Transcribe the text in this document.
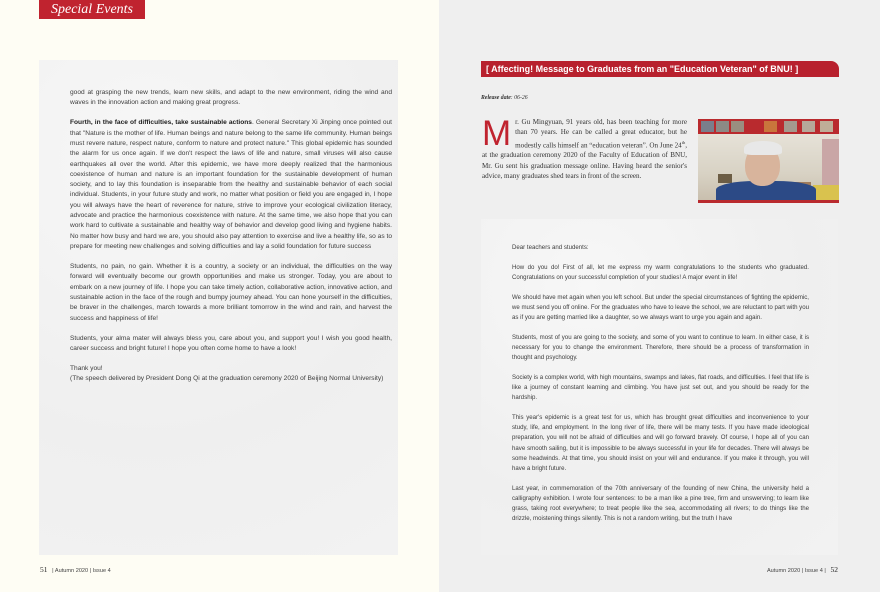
Special Events

good at grasping the new trends, learn new skills, and adapt to the new environment, riding the wind and waves in the innovation action and making great progress.

Fourth, in the face of difficulties, take sustainable actions. General Secretary Xi Jinping once pointed out that "Nature is the mother of life. Human beings and nature belong to the same life community. Human beings must revere nature, respect nature, conform to nature and protect nature." This global epidemic has sounded the alarm for us once again. If we don't respect the laws of life and nature, small viruses will also cause earthquakes all over the world. After this epidemic, we have more deeply realized that the harmonious coexistence of human and nature is an important foundation for the sustainable development of human society, and to lay this foundation is inseparable from the healthy and sustainable behavior of each social individual. Students, in your future study and work, no matter what position or field you are engaged in, I hope you will always have the heart of reverence for nature, strive to improve your ecological civilization literacy, advocate and practice the harmonious coexistence with nature. At the same time, we also hope that you can work hard to cultivate a sustainable and healthy way of behavior and develop good living and hygiene habits. No matter how busy and hard we are, you should also pay attention to exercise and live a healthy life, so as to prepare for meeting new challenges and solving difficulties and lay a solid foundation for future success

Students, no pain, no gain. Whether it is a country, a society or an individual, the difficulties on the way forward will eventually become our growth opportunities and make us stronger. Today, you are about to embark on a new journey of life. I hope you can take timely action, collaborative action, innovative action, and sustainable action in the face of the rough and bumpy journey ahead. You can hone yourself in the difficulties, be braver in the challenges, march towards a more brilliant tomorrow in the wind and rain, and harvest the success and happiness of life!

Students, your alma mater will always bless you, care about you, and support you! I wish you good health, career success and bright future! I hope you often come home to have a look!

Thank you!
(The speech delivered by President Dong Qi at the graduation ceremony 2020 of Beijing Normal University)

51 | Autumn 2020 | Issue 4
[ Affecting! Message to Graduates from an "Education Veteran" of BNU! ]
Release date: 06-26
Mr. Gu Mingyuan, 91 years old, has been teaching for more than 70 years. He can be called a great educator, but he modestly calls himself an “education veteran”. On June 24th, at the graduation ceremony 2020 of the Faculty of Education of BNU, Mr. Gu sent his graduation message online. Having heard the senior's advice, many graduates shed tears in front of the screen.

Dear teachers and students:

How do you do! First of all, let me express my warm congratulations to the students who graduated. Congratulations on your successful completion of your studies! A major event in life!

We should have met again when you left school. But under the special circumstances of fighting the epidemic, we must send you off online. For the graduates who have to leave the school, we are reluctant to part with you as if you are getting married like a daughter, so we always want to urge you again and again.

Students, most of you are going to the society, and some of you want to continue to learn. In either case, it is necessary for you to change the environment. Therefore, there should be a process of transformation in thought and psychology.

Society is a complex world, with high mountains, swamps and lakes, flat roads, and difficulties. I feel that life is like a journey of constant learning and climbing. You have just set out, and you should be ready for the hardship.

This year's epidemic is a great test for us, which has brought great difficulties and inconvenience to your study, life, and employment. In the long river of life, there will be many tests. If you have made ideological preparation, you will not be afraid of difficulties and will go forward bravely. Of course, I hope all of you can have smooth sailing, but it is impossible to be always successful in your life for decades. There will always be some headwinds. At that time, you should insist on your will and endurance. If you make it through, you will have a bright future.

Last year, in commemoration of the 70th anniversary of the founding of new China, the university held a calligraphy exhibition. I wrote four sentences: to be a man like a pine tree, firm and unswerving; to learn like grass, taking root everywhere; to treat people like the sea, accommodating all rivers; to do things like the drizzle, moistening things silently. This is not a random writing, but the truth I have

Autumn 2020 | Issue 4 | 52
